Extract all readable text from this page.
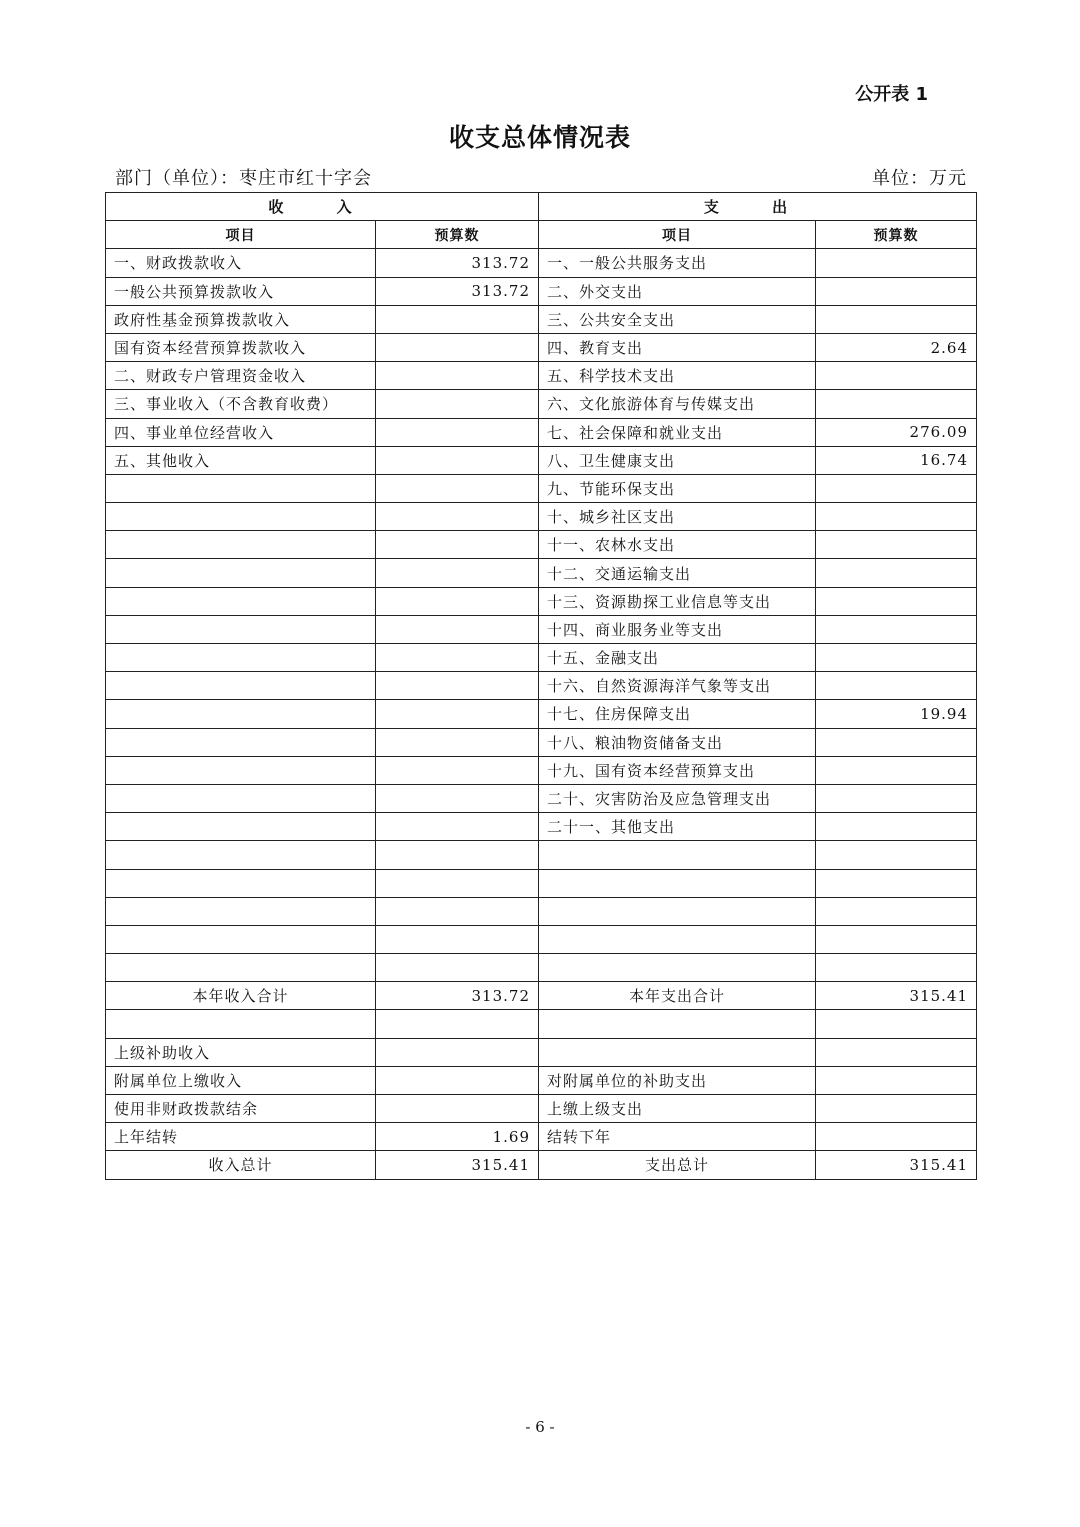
公开表 1
收支总体情况表
部门（单位）：枣庄市红十字会	单位：万元
收 入		支 出	
项目	预算数	项目	预算数
一、财政拨款收入	313.72	一、一般公共服务支出	
一般公共预算拨款收入	313.72	二、外交支出	
政府性基金预算拨款收入		三、公共安全支出	
国有资本经营预算拨款收入		四、教育支出	2.64
二、财政专户管理资金收入		五、科学技术支出	
三、事业收入（不含教育收费）		六、文化旅游体育与传媒支出	
四、事业单位经营收入		七、社会保障和就业支出	276.09
五、其他收入		八、卫生健康支出	16.74
		九、节能环保支出	
		十、城乡社区支出	
		十一、农林水支出	
		十二、交通运输支出	
		十三、资源勘探工业信息等支出	
		十四、商业服务业等支出	
		十五、金融支出	
		十六、自然资源海洋气象等支出	
		十七、住房保障支出	19.94
		十八、粮油物资储备支出	
		十九、国有资本经营预算支出	
		二十、灾害防治及应急管理支出	
		二十一、其他支出	

本年收入合计	313.72	本年支出合计	315.41

上级补助收入			
附属单位上缴收入		对附属单位的补助支出	
使用非财政拨款结余		上缴上级支出	
上年结转	1.69	结转下年	
收入总计	315.41	支出总计	315.41
- 6 -
